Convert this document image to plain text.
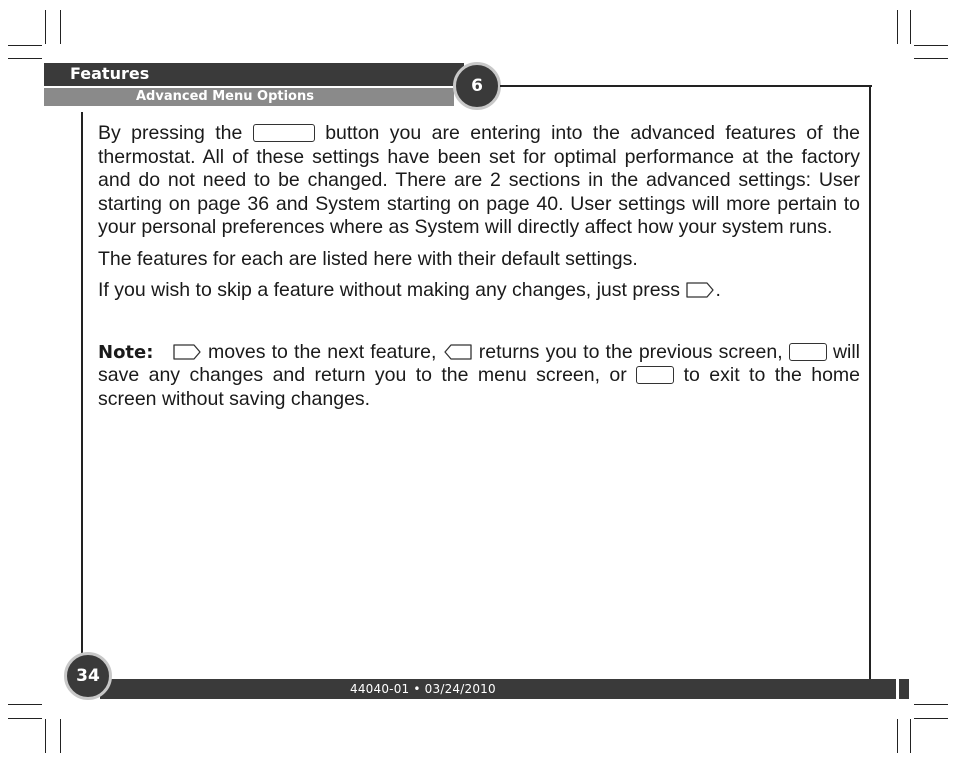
Features
Advanced Menu Options
6

By pressing the	button you are entering into the advanced features of the thermostat. All of these settings have been set for optimal performance at the factory and do not need to be changed. There are 2 sections in the advanced settings: User starting on page 36 and System starting on page 40. User settings will more pertain to your personal preferences where as System will directly affect how your system runs.

The features for each are listed here with their default settings.

If you wish to skip a feature without making any changes, just press .

Note:	moves to the next feature, returns you to the previous screen,	will save any changes and return you to the menu screen, or	to exit to the home screen without saving changes.

34
44040-01 • 03/24/2010
